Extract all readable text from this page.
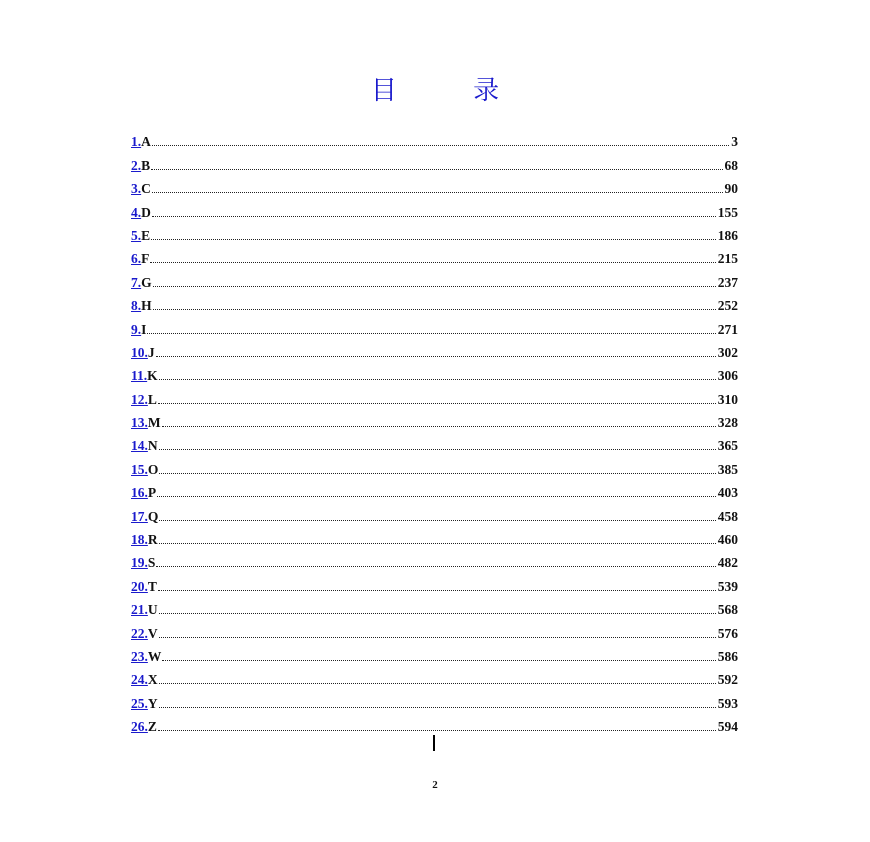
目 录
1. A	3
2. B	68
3. C	90
4. D	155
5. E	186
6. F	215
7. G	237
8. H	252
9. I	271
10. J	302
11. K	306
12. L	310
13. M	328
14. N	365
15. O	385
16. P	403
17. Q	458
18. R	460
19. S	482
20. T	539
21. U	568
22. V	576
23. W	586
24. X	592
25. Y	593
26. Z	594
2
